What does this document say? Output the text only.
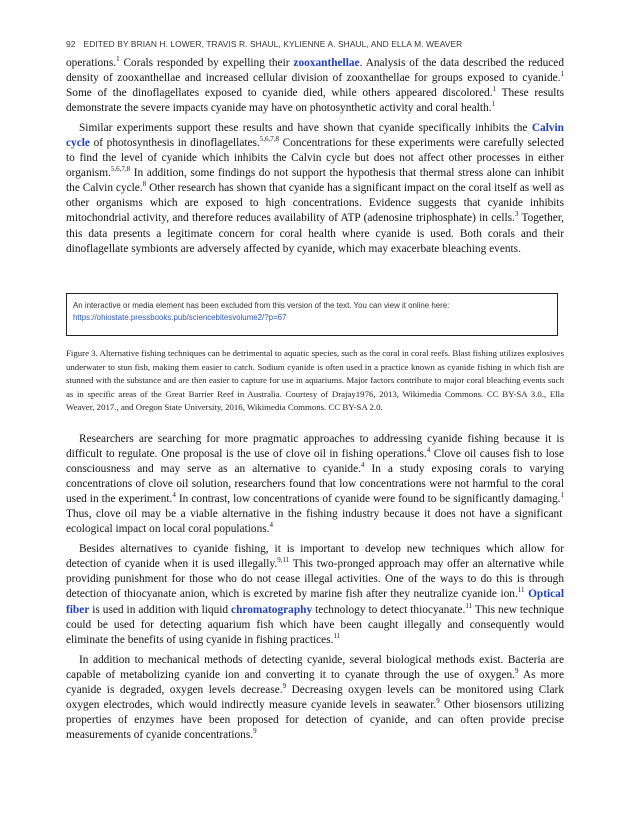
92 EDITED BY BRIAN H. LOWER, TRAVIS R. SHAUL, KYLIENNE A. SHAUL, AND ELLA M. WEAVER

operations.$^1$ Corals responded by expelling their zooxanthellae. Analysis of the data described the reduced density of zooxanthellae and increased cellular division of zooxanthellae for groups exposed to cyanide.$^1$ Some of the dinoflagellates exposed to cyanide died, while others appeared discolored.$^1$ These results demonstrate the severe impacts cyanide may have on photosynthetic activity and coral health.$^1$

Similar experiments support these results and have shown that cyanide specifically inhibits the Calvin cycle of photosynthesis in dinoflagellates.$^{5,6,7,8}$ Concentrations for these experiments were carefully selected to find the level of cyanide which inhibits the Calvin cycle but does not affect other processes in either organism.$^{5,6,7,8}$ In addition, some findings do not support the hypothesis that thermal stress alone can inhibit the Calvin cycle.$^8$ Other research has shown that cyanide has a significant impact on the coral itself as well as other organisms which are exposed to high concentrations. Evidence suggests that cyanide inhibits mitochondrial activity, and therefore reduces availability of ATP (adenosine triphosphate) in cells.$^3$ Together, this data presents a legitimate concern for coral health where cyanide is used. Both corals and their dinoflagellate symbionts are adversely affected by cyanide, which may exacerbate bleaching events.

An interactive or media element has been excluded from this version of the text. You can view it online here:
https://ohiostate.pressbooks.pub/sciencebitesvolume2/?p=67
Figure 3. Alternative fishing techniques can be detrimental to aquatic species, such as the coral in coral reefs. Blast fishing utilizes explosives underwater to stun fish, making them easier to catch. Sodium cyanide is often used in a practice known as cyanide fishing in which fish are stunned with the substance and are then easier to capture for use in aquariums. Major factors contribute to major coral bleaching events such as in specific areas of the Great Barrier Reef in Australia. Courtesy of Drajay1976, 2013, Wikimedia Commons. CC BY-SA 3.0., Ella Weaver, 2017., and Oregon State University, 2016, Wikimedia Commons. CC BY-SA 2.0.

Researchers are searching for more pragmatic approaches to addressing cyanide fishing because it is difficult to regulate. One proposal is the use of clove oil in fishing operations.$^4$ Clove oil causes fish to lose consciousness and may serve as an alternative to cyanide.$^4$ In a study exposing corals to varying concentrations of clove oil solution, researchers found that low concentrations were not harmful to the coral used in the experiment.$^4$ In contrast, low concentrations of cyanide were found to be significantly damaging.$^1$ Thus, clove oil may be a viable alternative in the fishing industry because it does not have a significant ecological impact on local coral populations.$^4$

Besides alternatives to cyanide fishing, it is important to develop new techniques which allow for detection of cyanide when it is used illegally.$^{9,11}$ This two-pronged approach may offer an alternative while providing punishment for those who do not cease illegal activities. One of the ways to do this is through detection of thiocyanate anion, which is excreted by marine fish after they neutralize cyanide ion.$^{11}$ Optical fiber is used in addition with liquid chromatography technology to detect thiocyanate.$^{11}$ This new technique could be used for detecting aquarium fish which have been caught illegally and consequently would eliminate the benefits of using cyanide in fishing practices.$^{11}$

In addition to mechanical methods of detecting cyanide, several biological methods exist. Bacteria are capable of metabolizing cyanide ion and converting it to cyanate through the use of oxygen.$^9$ As more cyanide is degraded, oxygen levels decrease.$^9$ Decreasing oxygen levels can be monitored using Clark oxygen electrodes, which would indirectly measure cyanide levels in seawater.$^9$ Other biosensors utilizing properties of enzymes have been proposed for detection of cyanide, and can often provide precise measurements of cyanide concentrations.$^9$
